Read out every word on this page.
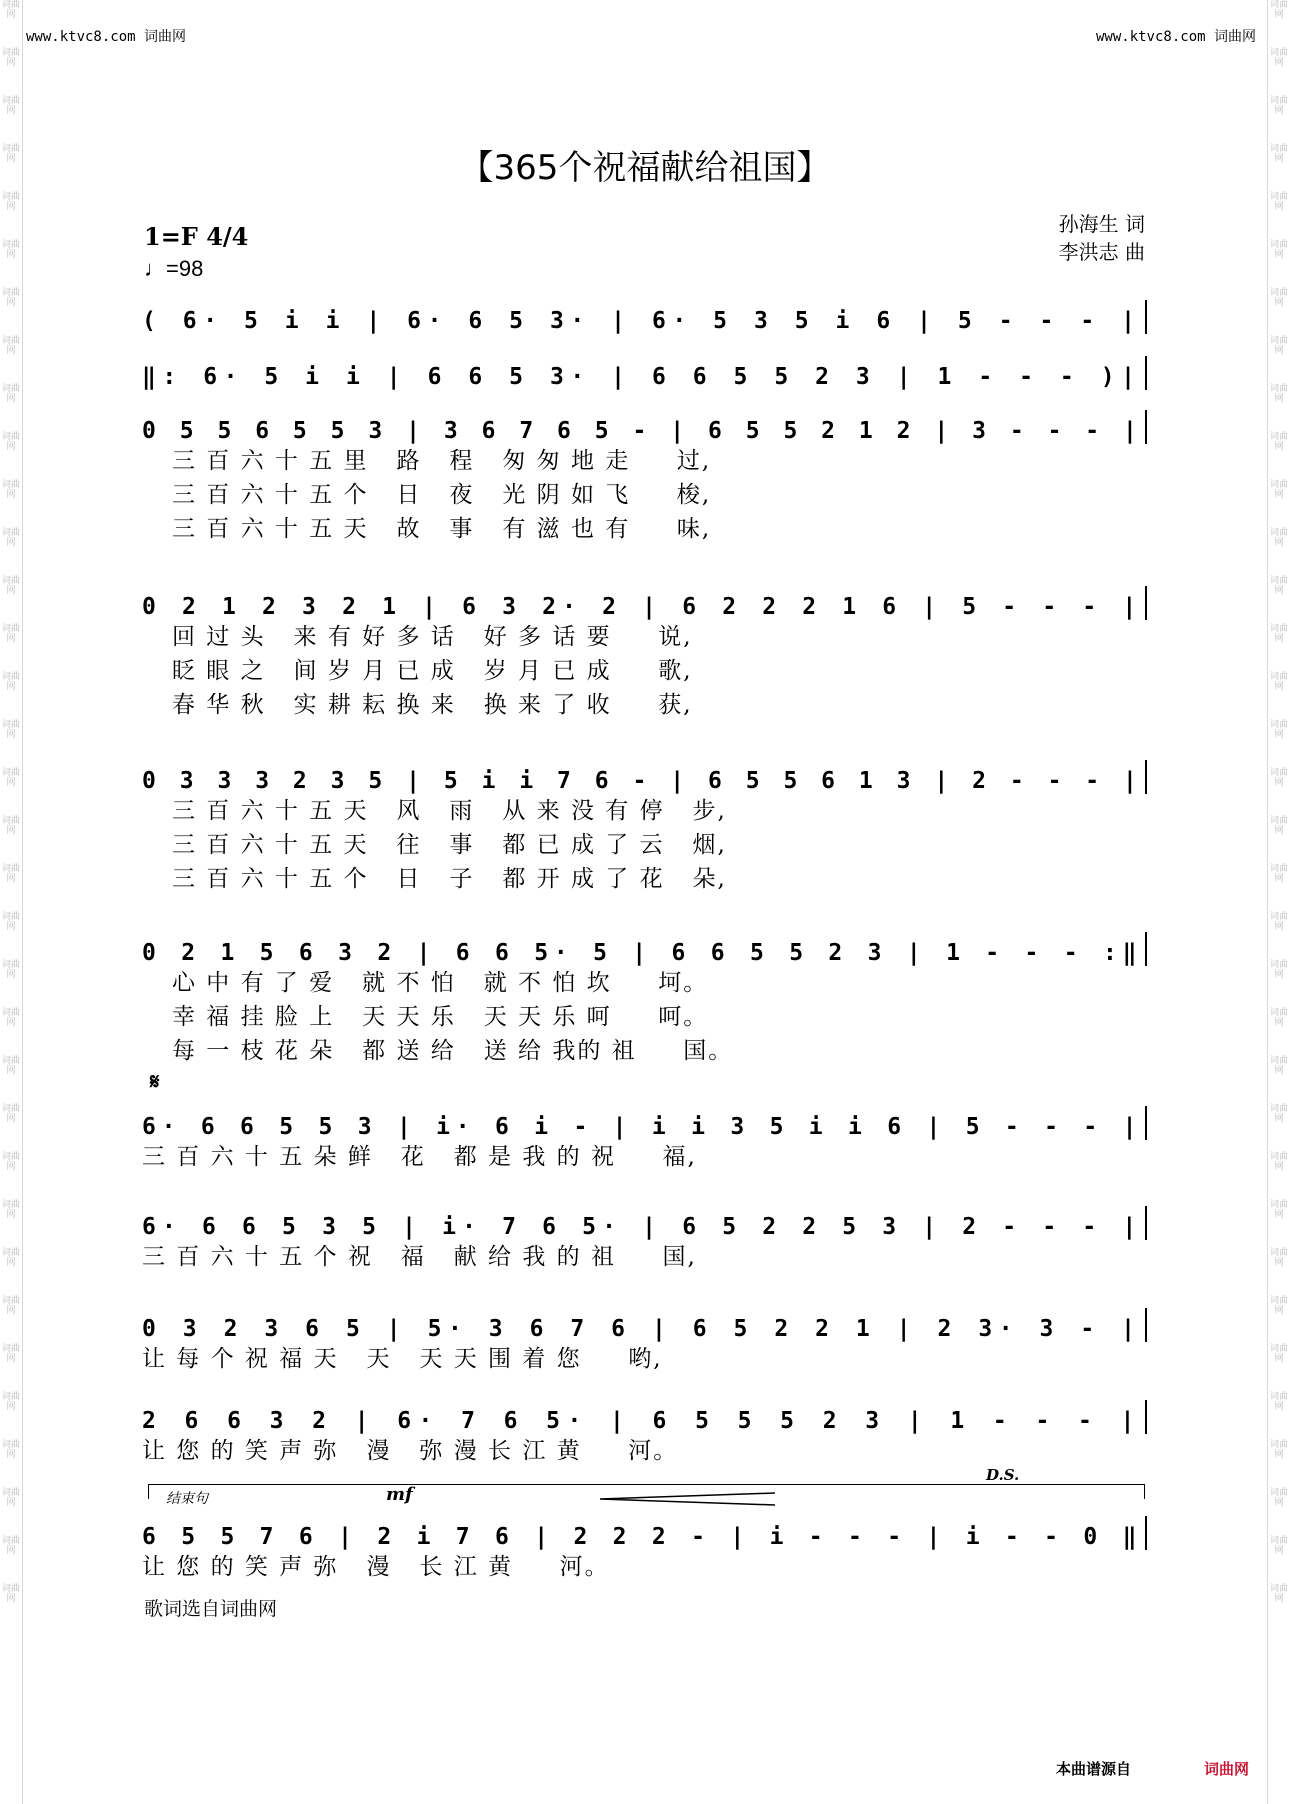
词曲网
词曲网
词曲网
词曲网
词曲网
词曲网
词曲网
词曲网
词曲网
词曲网
词曲网
词曲网
词曲网
词曲网
词曲网
词曲网
词曲网
词曲网
词曲网
词曲网
词曲网
词曲网
词曲网
词曲网
词曲网
词曲网
词曲网
词曲网
词曲网
词曲网
词曲网
词曲网
词曲网
词曲网
词曲网
词曲网
词曲网
词曲网
词曲网
词曲网
词曲网
词曲网
词曲网
词曲网
词曲网
词曲网
词曲网
词曲网
词曲网
词曲网
词曲网
词曲网
词曲网
词曲网
词曲网
词曲网
词曲网
词曲网
词曲网
词曲网
词曲网
词曲网
词曲网
词曲网
词曲网
词曲网
词曲网
词曲网
www.ktvc8.com 词曲网	www.ktvc8.com 词曲网
【365个祝福献给祖国】
1=F 4/4
♩=98
孙海生 词
李洪志 曲
( 6· 5 i i | 6· 6 5 3· | 6· 5 3 5 i 6 | 5 - - - |
‖: 6· 5 i i | 6 6 5 3· | 6 6 5 5 2 3 | 1 - - - )|
0 5 5 6 5 5 3 | 3 6 7 6 5 - | 6 5 5 2 1 2 | 3 - - - |
三 百 六 十 五 里   路   程   匆 匆 地 走     过,
三 百 六 十 五 个   日   夜   光 阴 如 飞     梭,
三 百 六 十 五 天   故   事   有 滋 也 有     味,
0 2 1 2 3 2 1 | 6 3 2· 2 | 6 2 2 2 1 6 | 5 - - - |
回 过 头   来 有 好 多 话   好 多 话 要     说,
眨 眼 之   间 岁 月 已 成   岁 月 已 成     歌,
春 华 秋   实 耕 耘 换 来   换 来 了 收     获,
0 3 3 3 2 3 5 | 5 i i 7 6 - | 6 5 5 6 1 3 | 2 - - - |
三 百 六 十 五 天   风   雨   从 来 没 有 停   步,
三 百 六 十 五 天   往   事   都 已 成 了 云   烟,
三 百 六 十 五 个   日   子   都 开 成 了 花   朵,
0 2 1 5 6 3 2 | 6 6 5· 5 | 6 6 5 5 2 3 | 1 - - - :‖
心 中 有 了 爱   就 不 怕   就 不 怕 坎     坷。
幸 福 挂 脸 上   天 天 乐   天 天 乐 呵     呵。
每 一 枝 花 朵   都 送 给   送 给 我的 祖     国。
6· 6 6 5 5 3 | i· 6 i - | i i 3 5 i i 6 | 5 - - - |
三 百 六 十 五 朵 鲜   花   都 是 我 的 祝     福,
6· 6 6 5 3 5 | i· 7 6 5· | 6 5 2 2 5 3 | 2 - - - |
三 百 六 十 五 个 祝   福   献 给 我 的 祖     国,
0 3 2 3 6 5 | 5· 3 6 7 6 | 6 5 2 2 1 | 2 3· 3 - |
让 每 个 祝 福 天   天   天 天 围 着 您     哟,
2 6 6 3 2 | 6· 7 6 5· | 6 5 5 5 2 3 | 1 - - - |
让 您 的 笑 声 弥   漫   弥 漫 长 江 黄     河。
6 5 5 7 6 | 2 i 7 6 | 2 2 2 - | i - - - | i - - 0 ‖
让 您 的 笑 声 弥   漫   长 江 黄     河。
𝄋
结束句	mf
D.S.
歌词选自词曲网
本曲谱源自	词曲网
